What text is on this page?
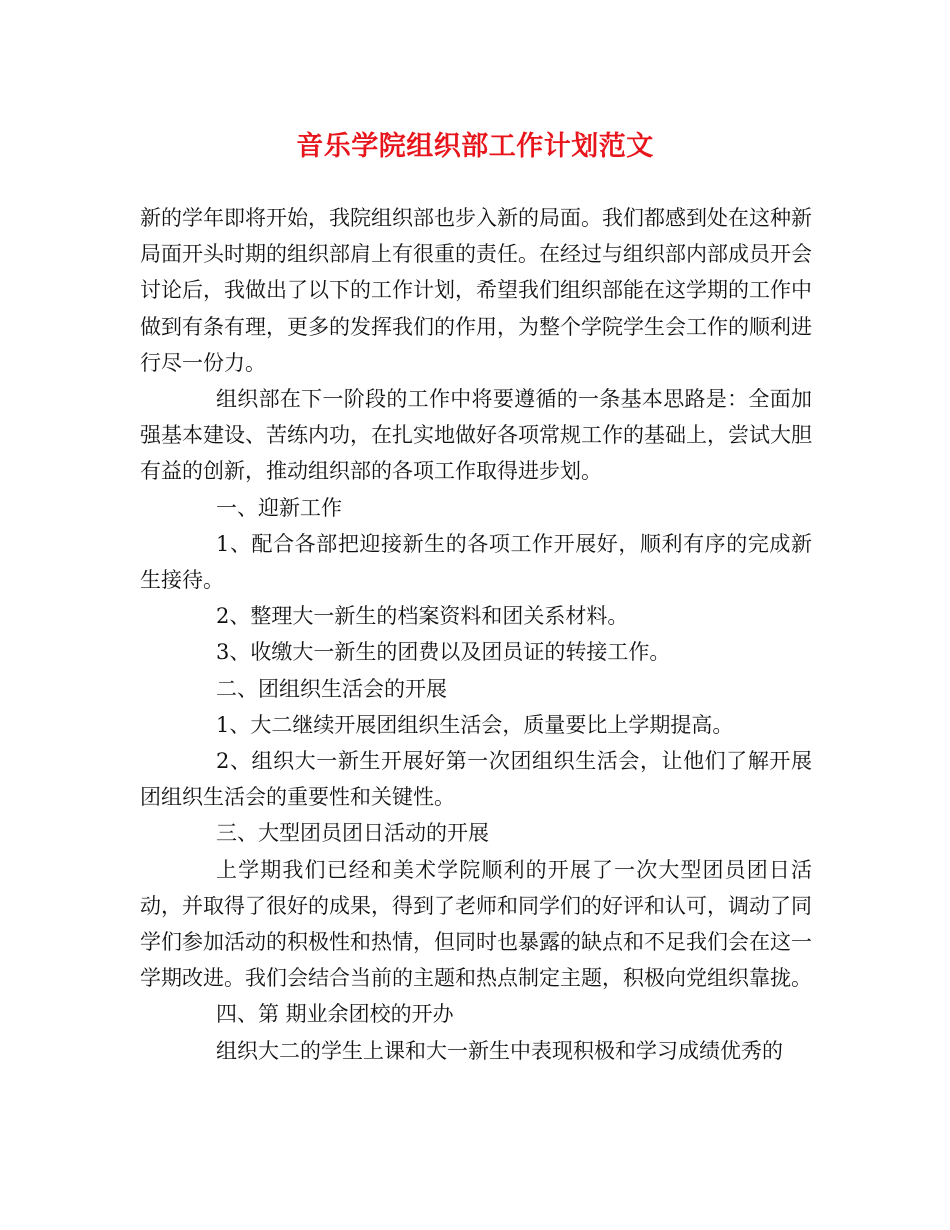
音乐学院组织部工作计划范文

新的学年即将开始，我院组织部也步入新的局面。我们都感到处在这种新局面开头时期的组织部肩上有很重的责任。在经过与组织部内部成员开会讨论后，我做出了以下的工作计划，希望我们组织部能在这学期的工作中做到有条有理，更多的发挥我们的作用，为整个学院学生会工作的顺利进行尽一份力。

组织部在下一阶段的工作中将要遵循的一条基本思路是：全面加强基本建设、苦练内功，在扎实地做好各项常规工作的基础上，尝试大胆有益的创新，推动组织部的各项工作取得进步划。

一、迎新工作

1、配合各部把迎接新生的各项工作开展好，顺利有序的完成新生接待。

2、整理大一新生的档案资料和团关系材料。

3、收缴大一新生的团费以及团员证的转接工作。

二、团组织生活会的开展

1、大二继续开展团组织生活会，质量要比上学期提高。

2、组织大一新生开展好第一次团组织生活会，让他们了解开展团组织生活会的重要性和关键性。

三、大型团员团日活动的开展

上学期我们已经和美术学院顺利的开展了一次大型团员团日活动，并取得了很好的成果，得到了老师和同学们的好评和认可，调动了同学们参加活动的积极性和热情，但同时也暴露的缺点和不足我们会在这一学期改进。我们会结合当前的主题和热点制定主题，积极向党组织靠拢。

四、第 期业余团校的开办

组织大二的学生上课和大一新生中表现积极和学习成绩优秀的
